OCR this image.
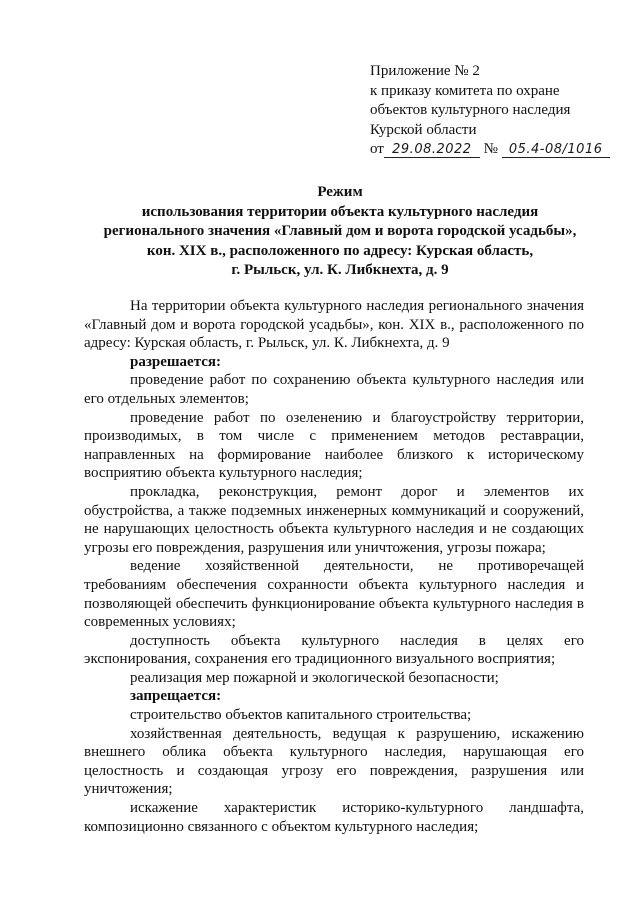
Приложение № 2
к приказу комитета по охране
объектов культурного наследия
Курской области
от 29.08.2022 № 05.4-08/1016
Режим
использования территории объекта культурного наследия
регионального значения «Главный дом и ворота городской усадьбы»,
кон. XIX в., расположенного по адресу: Курская область,
г. Рыльск, ул. К. Либкнехта, д. 9

На территории объекта культурного наследия регионального значения «Главный дом и ворота городской усадьбы», кон. XIX в., расположенного по адресу: Курская область, г. Рыльск, ул. К. Либкнехта, д. 9

разрешается:

проведение работ по сохранению объекта культурного наследия или его отдельных элементов;

проведение работ по озеленению и благоустройству территории, производимых, в том числе с применением методов реставрации, направленных на формирование наиболее близкого к историческому восприятию объекта культурного наследия;

прокладка, реконструкция, ремонт дорог и элементов их обустройства, а также подземных инженерных коммуникаций и сооружений, не нарушающих целостность объекта культурного наследия и не создающих угрозы его повреждения, разрушения или уничтожения, угрозы пожара;

ведение хозяйственной деятельности, не противоречащей требованиям обеспечения сохранности объекта культурного наследия и позволяющей обеспечить функционирование объекта культурного наследия в современных условиях;

доступность объекта культурного наследия в целях его экспонирования, сохранения его традиционного визуального восприятия;

реализация мер пожарной и экологической безопасности;

запрещается:

строительство объектов капитального строительства;

хозяйственная деятельность, ведущая к разрушению, искажению внешнего облика объекта культурного наследия, нарушающая его целостность и создающая угрозу его повреждения, разрушения или уничтожения;

искажение характеристик историко-культурного ландшафта, композиционно связанного с объектом культурного наследия;
